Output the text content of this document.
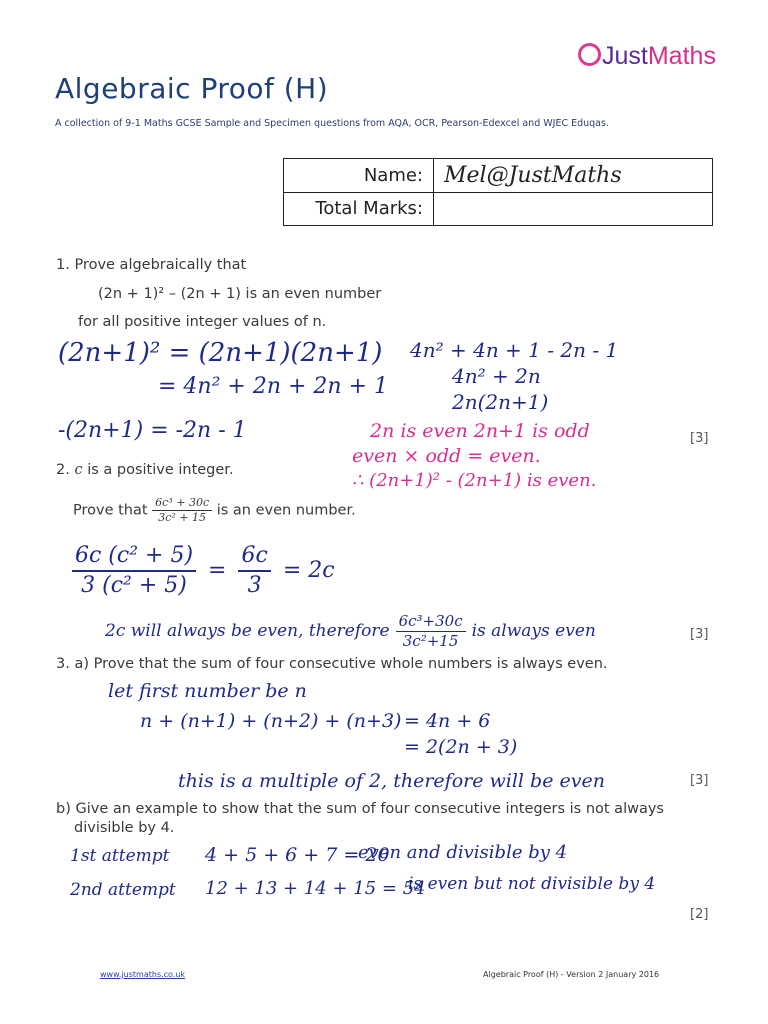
JustMaths
Algebraic Proof (H)
A collection of 9-1 Maths GCSE Sample and Specimen questions from AQA, OCR, Pearson-Edexcel and WJEC Eduqas.
Name:	Mel@JustMaths
Total Marks:	
1. Prove algebraically that
(2n + 1)² – (2n + 1) is an even number
for all positive integer values of n.
(2n+1)² = (2n+1)(2n+1)
= 4n² + 2n + 2n + 1
-(2n+1) = -2n - 1
4n² + 4n + 1 - 2n - 1
4n² + 2n
2n(2n+1)
2n is even 2n+1 is odd
even × odd = even.
∴ (2n+1)² - (2n+1) is even.
[3]
2. c is a positive integer.
Prove that $\frac{\text{6c³ + 30c}}{\text{3c² + 15}}$ is an even number.
$\frac{\text{6c (c² + 5)}}{\text{3 (c² + 5)}} = \frac{6c}{3} = 2c$
2c will always be even, therefore $\frac{\text{6c³+30c}}{\text{3c²+15}}$ is always even	[3]
3. a) Prove that the sum of four consecutive whole numbers is always even.
let first number be n
n + (n+1) + (n+2) + (n+3) = 4n + 6
= 2(2n + 3)
this is a multiple of 2, therefore will be even	[3]
b) Give an example to show that the sum of four consecutive integers is not always
divisible by 4.
1st attempt 4 + 5 + 6 + 7 = 20
even and divisible by 4
2nd attempt 12 + 13 + 14 + 15 = 54
is even but not divisible by 4
[2]
www.justmaths.co.uk	Algebraic Proof (H) - Version 2 January 2016
